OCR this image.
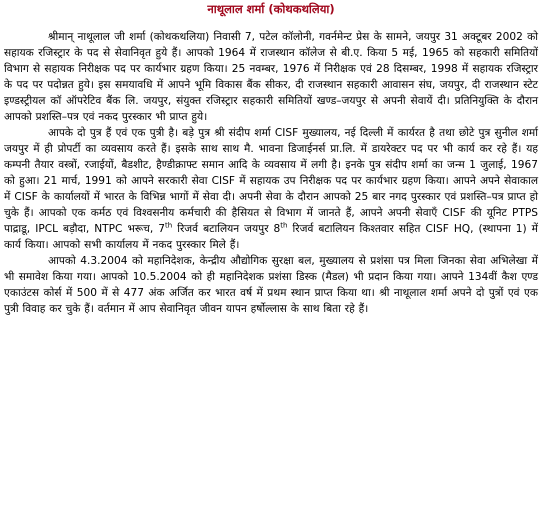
नाथूलाल शर्मा (कोथकथलिया)

श्रीमान् नाथूलाल जी शर्मा (कोथकथलिया) निवासी 7, पटेल कॉलोनी, गवर्नमेन्ट प्रेस के सामने, जयपुर 31 अक्टूबर 2002 को सहायक रजिस्ट्रार के पद से सेवानिवृत हुये हैं। आपको 1964 में राजस्थान कॉलेज से बी.ए. किया 5 मई, 1965 को सहकारी समितियों विभाग से सहायक निरीक्षक पद पर कार्यभार ग्रहण किया। 25 नवम्बर, 1976 में निरीक्षक एवं 28 दिसम्बर, 1998 में सहायक रजिस्ट्रार के पद पर पदोन्नत हुये। इस समयावधि में आपने भूमि विकास बैंक सीकर, दी राजस्थान सहकारी आवासन संघ, जयपुर, दी राजस्थान स्टेट इण्डस्ट्रीयल कॉ ऑपरेटिव बैंक लि. जयपुर, संयुक्त रजिस्ट्रार सहकारी समितियों खण्ड–जयपुर से अपनी सेवायें दी। प्रतिनियुक्ति के दौरान आपको प्रशस्ति–पत्र एवं नकद पुरस्कार भी प्राप्त हुये।

आपके दो पुत्र हैं एवं एक पुत्री है। बड़े पुत्र श्री संदीप शर्मा CISF मुख्यालय, नई दिल्ली में कार्यरत है तथा छोटे पुत्र सुनील शर्मा जयपुर में ही प्रोपर्टी का व्यवसाय करते हैं। इसके साथ साथ मै. भावना डिजाईनर्स प्रा.लि. में डायरेक्टर पद पर भी कार्य कर रहे हैं। यह कम्पनी तैयार वस्त्रों, रजाईयों, बैडशीट, हैण्डीक्राफ्ट समान आदि के व्यवसाय में लगी है। इनके पुत्र संदीप शर्मा का जन्म 1 जुलाई, 1967 को हुआ। 21 मार्च, 1991 को आपने सरकारी सेवा CISF में सहायक उप निरीक्षक पद पर कार्यभार ग्रहण किया। आपने अपने सेवाकाल में CISF के कार्यालयों में भारत के विभिन्न भागों में सेवा दी। अपनी सेवा के दौरान आपको 25 बार नगद पुरस्कार एवं प्रशस्ति–पत्र प्राप्त हो चुके हैं। आपको एक कर्मठ एवं विश्वसनीय कर्मचारी की हैसियत से विभाग में जानते हैं, आपने अपनी सेवाएँ CISF की यूनिट PTPS पाद्राडू, IPCL बड़ौदा, NTPC भरूच, 7th रिजर्व बटालियन जयपुर 8th रिजर्व बटालियन किश्तवार सहित CISF HQ, (स्थापना 1) में कार्य किया। आपको सभी कार्यालय में नकद पुरस्कार मिले हैं।

आपको 4.3.2004 को महानिदेशक, केन्द्रीय औद्योगिक सुरक्षा बल, मुख्यालय से प्रशंसा पत्र मिला जिनका सेवा अभिलेखा में भी समावेश किया गया। आपको 10.5.2004 को ही महानिदेशक प्रशंसा डिस्क (मैडल) भी प्रदान किया गया। आपने 134वीं कैश एण्ड एकाउंटस कोर्स में 500 में से 477 अंक अर्जित कर भारत वर्ष में प्रथम स्थान प्राप्त किया था। श्री नाथूलाल शर्मा अपने दो पुत्रों एवं एक पुत्री विवाह कर चुके हैं। वर्तमान में आप सेवानिवृत जीवन यापन हर्षोल्लास के साथ बिता रहे हैं।
